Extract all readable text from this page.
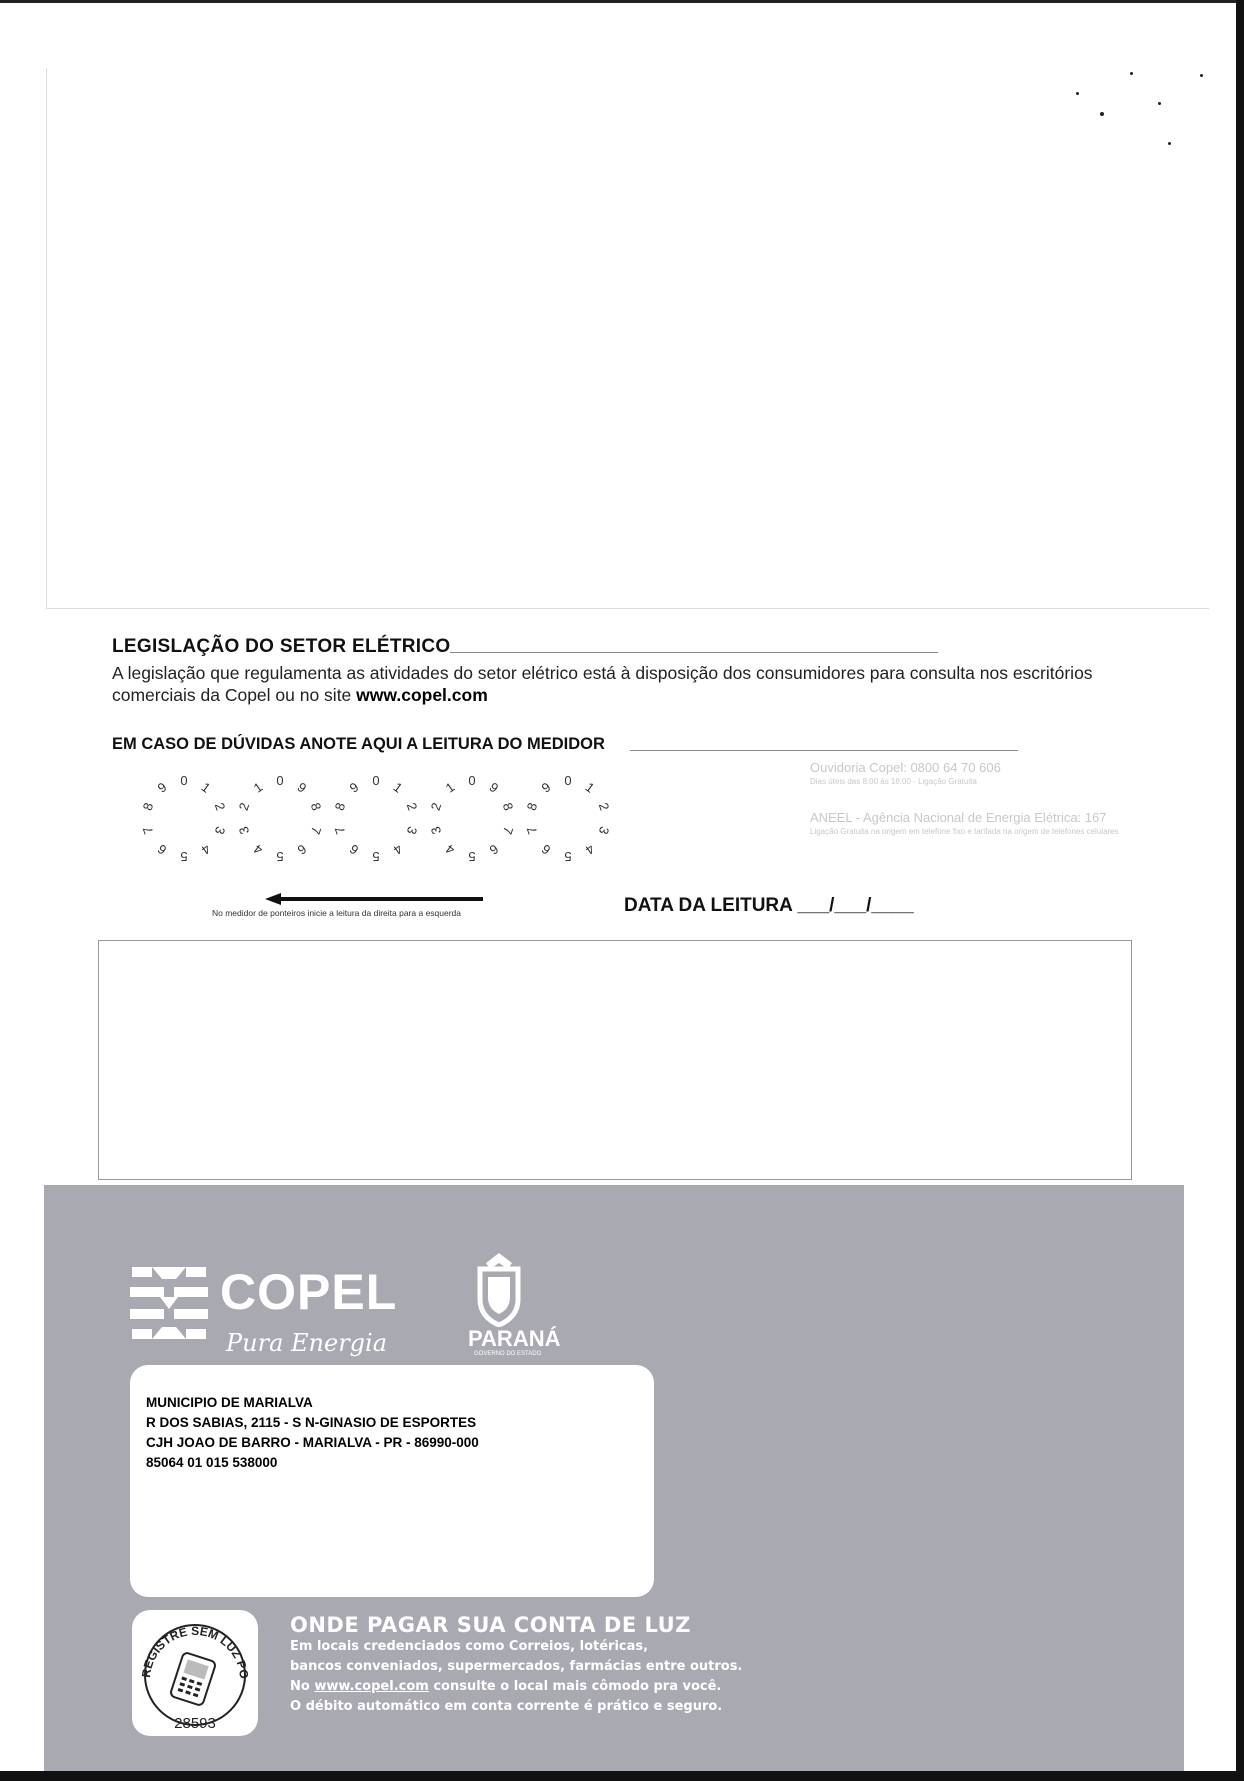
LEGISLAÇÃO DO SETOR ELÉTRICO
A legislação que regulamenta as atividades do setor elétrico está à disposição dos consumidores para consulta nos escritórios comerciais da Copel ou no site www.copel.com
EM CASO DE DÚVIDAS ANOTE AQUI A LEITURA DO MEDIDOR
0 1
2
3
4
5
6
7
8
9	0
1
2
3
4 5 6
7
8
9	0 1
2
3
4
5
6
7
8
9	0
1
2
3
4 5 6
7
8
9	0 1
2
3
4
5
6
7
8
9
No medidor de ponteiros inicie a leitura da direita para a esquerda
Ouvidoria Copel: 0800 64 70 606
Dias úteis das 8:00 às 18:00 - Ligação Gratuita
ANEEL - Agência Nacional de Energia Elétrica: 167
Ligação Gratuita na origem em telefone fixo e tarifada na origem de telefones celulares
DATA DA LEITURA ___/___/____
COPEL
Pura Energia	PARANÁ
GOVERNO DO ESTADO
MUNICIPIO DE MARIALVA
R DOS SABIAS, 2115 - S N-GINASIO DE ESPORTES
CJH JOAO DE BARRO - MARIALVA - PR - 86990-000
85064 01 015 538000
REGISTRE SEM LUZ PO
28593
ONDE PAGAR SUA CONTA DE LUZ
Em locais credenciados como Correios, lotéricas,
bancos conveniados, supermercados, farmácias entre outros.
No www.copel.com consulte o local mais cômodo pra você.
O débito automático em conta corrente é prático e seguro.
